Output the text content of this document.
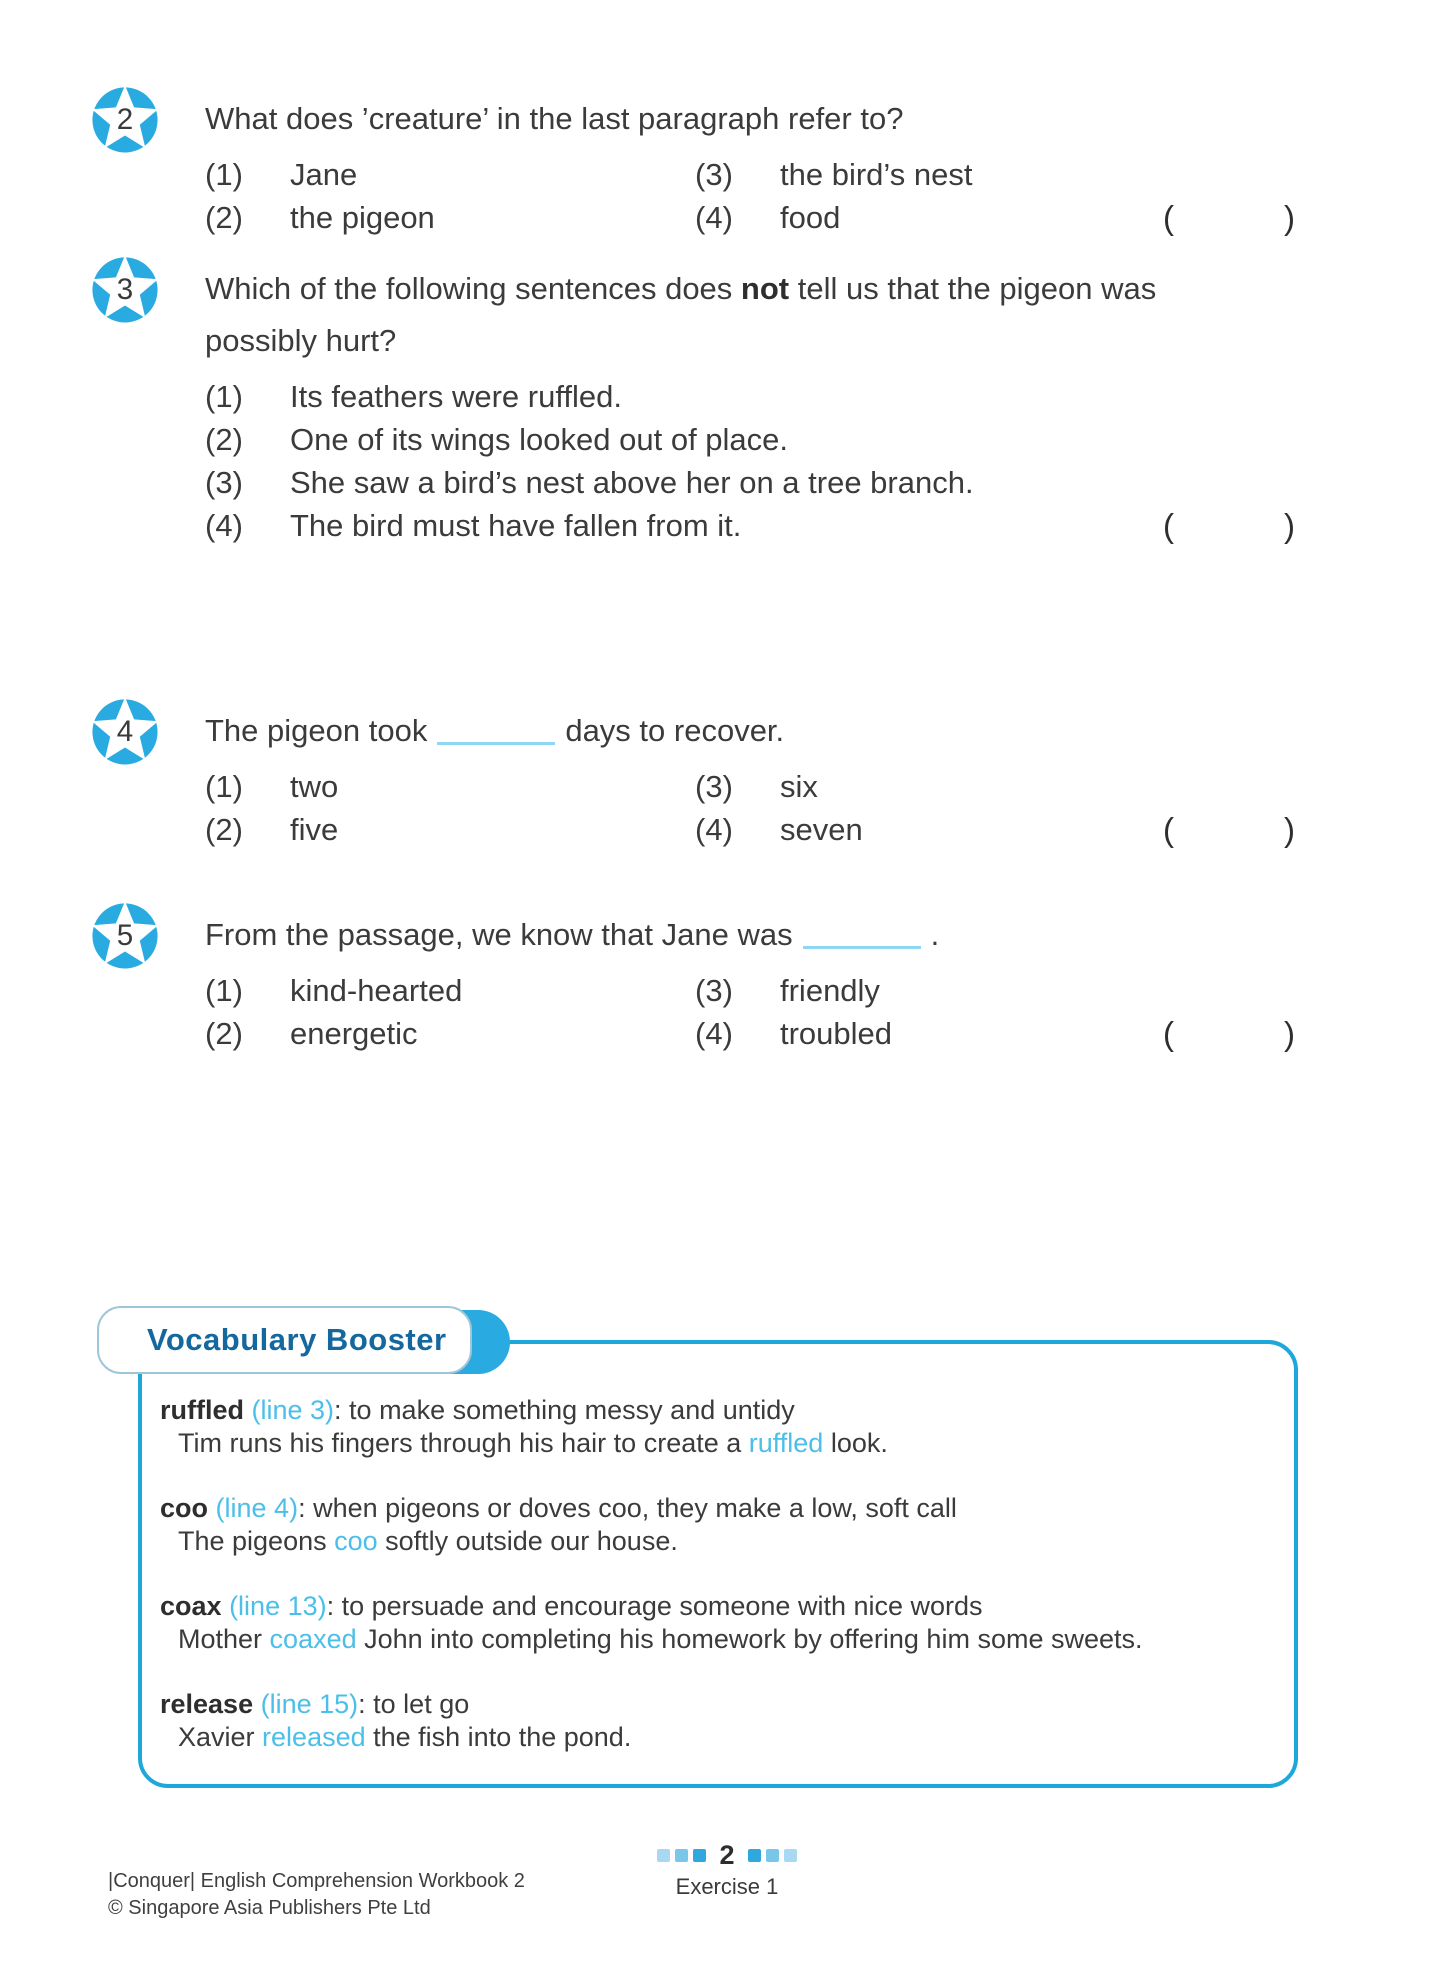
2 What does ’creature’ in the last paragraph refer to?
(1)	Jane	(3)	the bird’s nest
(2)	the pigeon	(4)	food	(	)
3 Which of the following sentences does not tell us that the pigeon was possibly hurt?
(1)	Its feathers were ruffled.
(2)	One of its wings looked out of place.
(3)	She saw a bird’s nest above her on a tree branch.
(4)	The bird must have fallen from it.	(	)
4 The pigeon took	days to recover.
(1)	two	(3)	six
(2)	five	(4)	seven	(	)
5 From the passage, we know that Jane was	.
(1)	kind-hearted	(3)	friendly
(2)	energetic	(4)	troubled	(	)
Vocabulary Booster
ruffled (line 3): to make something messy and untidy
Tim runs his fingers through his hair to create a ruffled look.
coo (line 4): when pigeons or doves coo, they make a low, soft call
The pigeons coo softly outside our house.
coax (line 13): to persuade and encourage someone with nice words
Mother coaxed John into completing his homework by offering him some sweets.
release (line 15): to let go
Xavier released the fish into the pond.
|Conquer| English Comprehension Workbook 2
© Singapore Asia Publishers Pte Ltd
2
Exercise 1
